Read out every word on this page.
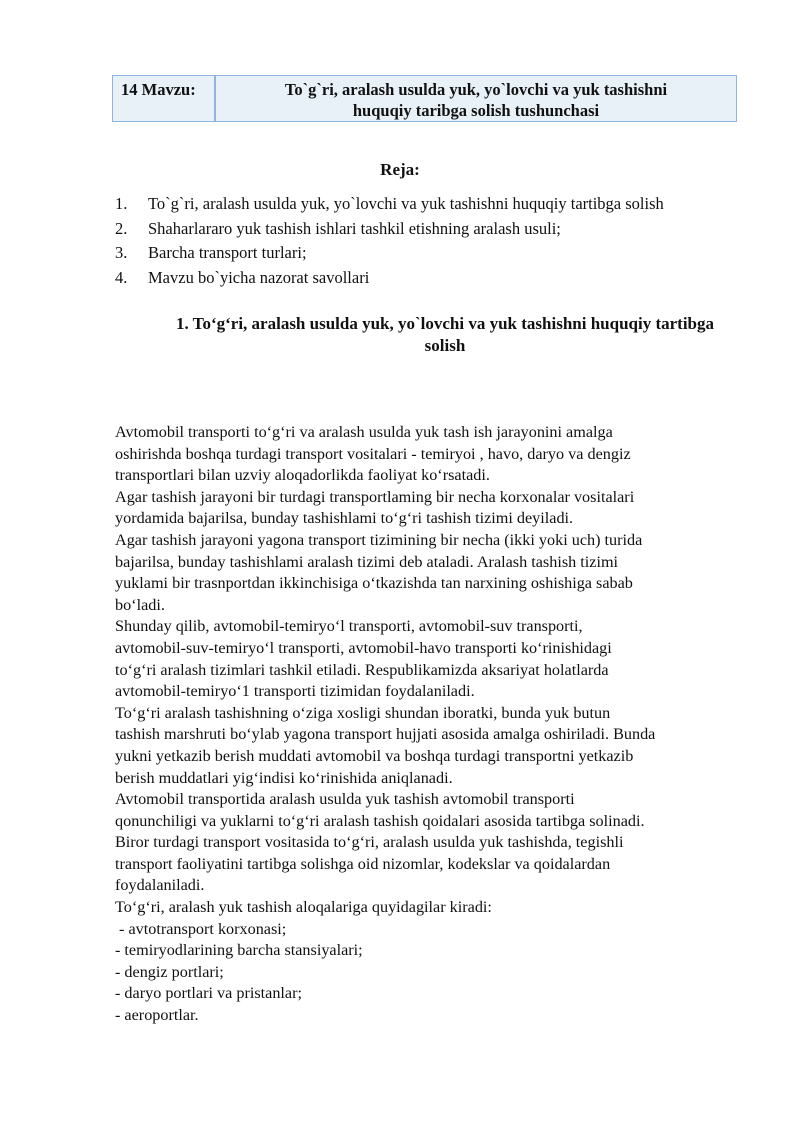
14 Mavzu:	To`g`ri, aralash usulda yuk, yo`lovchi va yuk tashishni
huquqiy taribga solish tushunchasi
Reja:
1.	To`g`ri, aralash usulda yuk, yo`lovchi va yuk tashishni huquqiy tartibga solish
2.	Shaharlararo yuk tashish ishlari tashkil etishning aralash usuli;
3.	Barcha transport turlari;
4.	Mavzu bo`yicha nazorat savollari
1. To‘g‘ri, aralash usulda yuk, yo`lovchi va yuk tashishni huquqiy tartibga
solish
Avtomobil transporti to‘g‘ri va aralash usulda yuk tash ish jarayonini amalga
oshirishda boshqa turdagi transport vositalari - temiryoi , havo, daryo va dengiz
transportlari bilan uzviy aloqadorlikda faoliyat ko‘rsatadi.
Agar tashish jarayoni bir turdagi transportlaming bir necha korxonalar vositalari
yordamida bajarilsa, bunday tashishlami to‘g‘ri tashish tizimi deyiladi.
Agar tashish jarayoni yagona transport tizimining bir necha (ikki yoki uch) turida
bajarilsa, bunday tashishlami aralash tizimi deb ataladi. Aralash tashish tizimi
yuklami bir trasnportdan ikkinchisiga o‘tkazishda tan narxining oshishiga sabab
bo‘ladi.
Shunday qilib, avtomobil-temiryo‘l transporti, avtomobil-suv transporti,
avtomobil-suv-temiryo‘l transporti, avtomobil-havo transporti ko‘rinishidagi
to‘g‘ri aralash tizimlari tashkil etiladi. Respublikamizda aksariyat holatlarda
avtomobil-temiryo‘1 transporti tizimidan foydalaniladi.
To‘g‘ri aralash tashishning o‘ziga xosligi shundan iboratki, bunda yuk butun
tashish marshruti bo‘ylab yagona transport hujjati asosida amalga oshiriladi. Bunda
yukni yetkazib berish muddati avtomobil va boshqa turdagi transportni yetkazib
berish muddatlari yig‘indisi ko‘rinishida aniqlanadi.
Avtomobil transportida aralash usulda yuk tashish avtomobil transporti
qonunchiligi va yuklarni to‘g‘ri aralash tashish qoidalari asosida tartibga solinadi.
Biror turdagi transport vositasida to‘g‘ri, aralash usulda yuk tashishda, tegishli
transport faoliyatini tartibga solishga oid nizomlar, kodekslar va qoidalardan
foydalaniladi.
To‘g‘ri, aralash yuk tashish aloqalariga quyidagilar kiradi:
- avtotransport korxonasi;
- temiryodlarining barcha stansiyalari;
- dengiz portlari;
- daryo portlari va pristanlar;
- aeroportlar.
